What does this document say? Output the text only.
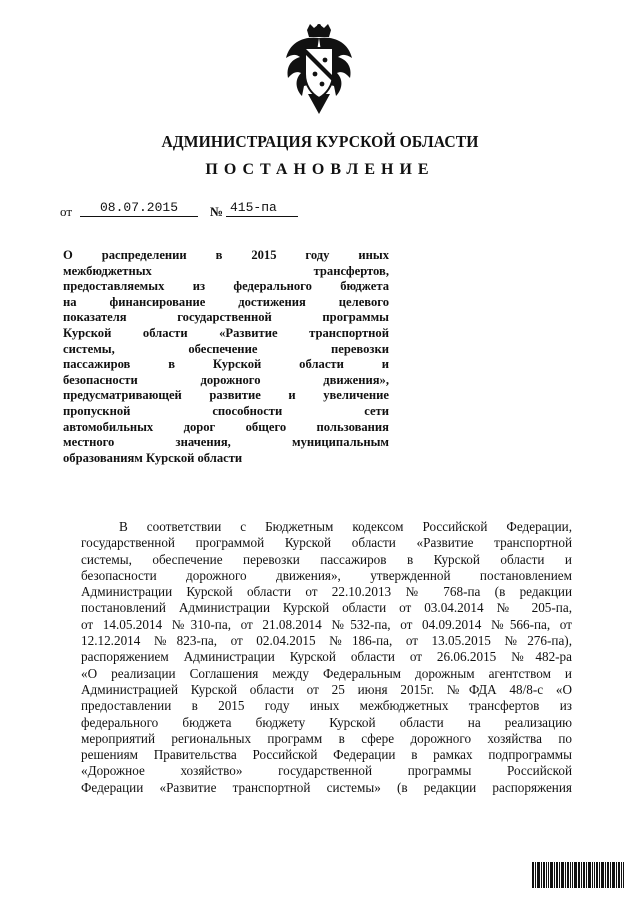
АДМИНИСТРАЦИЯ КУРСКОЙ ОБЛАСТИ
ПОСТАНОВЛЕНИЕ
от	08.07.2015	№ 415-па
О распределении в 2015 году иных
межбюджетных трансфертов,
предоставляемых из федерального бюджета
на финансирование достижения целевого
показателя государственной программы
Курской области «Развитие транспортной
системы, обеспечение перевозки
пассажиров в Курской области и
безопасности дорожного движения»,
предусматривающей развитие и увеличение
пропускной способности сети
автомобильных дорог общего пользования
местного значения, муниципальным
образованиям Курской области
В соответствии с Бюджетным кодексом Российской Федерации,
государственной программой Курской области «Развитие транспортной
системы, обеспечение перевозки пассажиров в Курской области и
безопасности дорожного движения», утвержденной постановлением
Администрации Курской области от 22.10.2013 № 768-па (в редакции
постановлений Администрации Курской области от 03.04.2014 № 205-па,
от 14.05.2014 №310-па, от 21.08.2014 №532-па, от 04.09.2014 №566-па, от
12.12.2014 №823-па, от 02.04.2015 №186-па, от 13.05.2015 №276-па),
распоряжением Администрации Курской области от 26.06.2015 №482-ра
«О реализации Соглашения между Федеральным дорожным агентством и
Администрацией Курской области от 25 июня 2015г. №ФДА 48/8-с «О
предоставлении в 2015 году иных межбюджетных трансфертов из
федерального бюджета бюджету Курской области на реализацию
мероприятий региональных программ в сфере дорожного хозяйства по
решениям Правительства Российской Федерации в рамках подпрограммы
«Дорожное хозяйство» государственной программы Российской
Федерации «Развитие транспортной системы» (в редакции распоряжения
